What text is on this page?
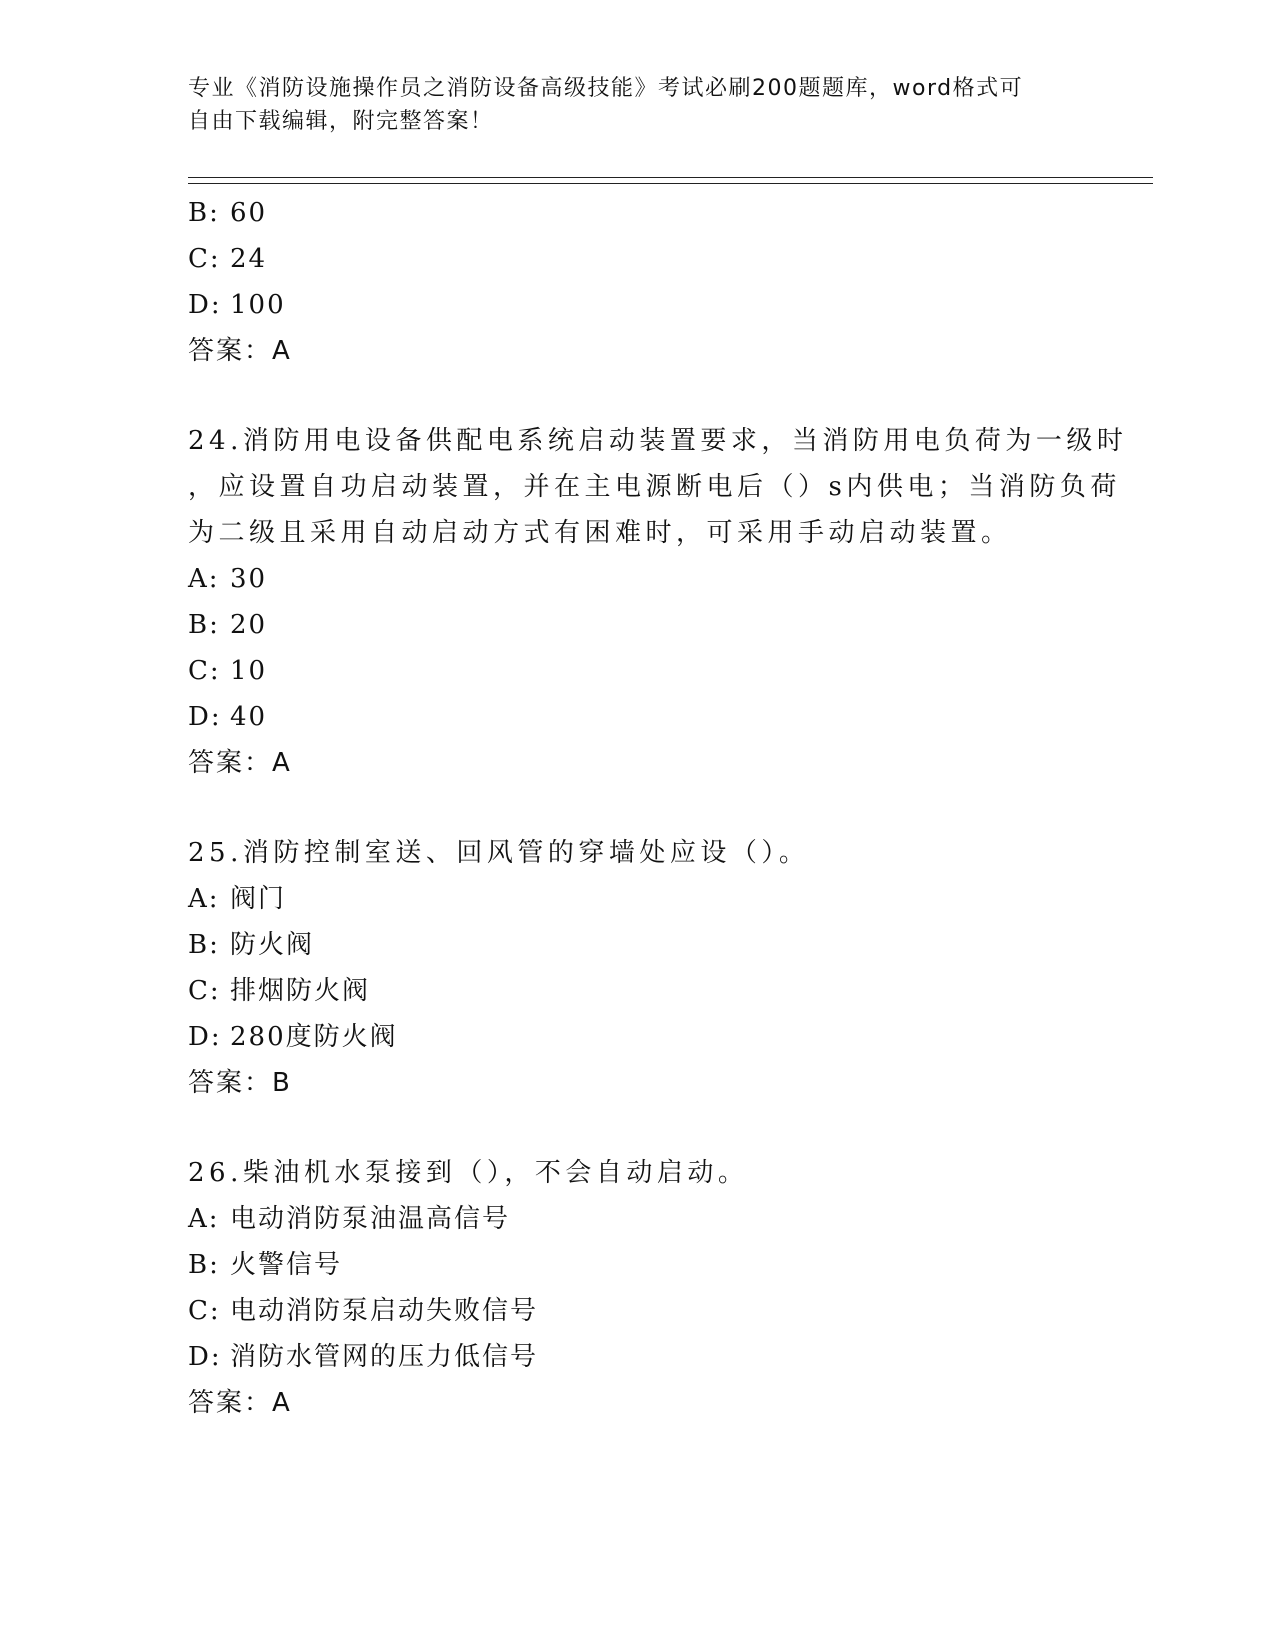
专业《消防设施操作员之消防设备高级技能》考试必刷200题题库，word格式可
自由下载编辑，附完整答案！
B: 60
C: 24
D: 100
答案：A
24.消防用电设备供配电系统启动装置要求，当消防用电负荷为一级时
，应设置自功启动装置，并在主电源断电后（）s内供电；当消防负荷
为二级且采用自动启动方式有困难时，可采用手动启动装置。
A: 30
B: 20
C: 10
D: 40
答案：A
25.消防控制室送、回风管的穿墙处应设（）。
A: 阀门
B: 防火阀
C: 排烟防火阀
D: 280度防火阀
答案：B
26.柴油机水泵接到（），不会自动启动。
A: 电动消防泵油温高信号
B: 火警信号
C: 电动消防泵启动失败信号
D: 消防水管网的压力低信号
答案：A
